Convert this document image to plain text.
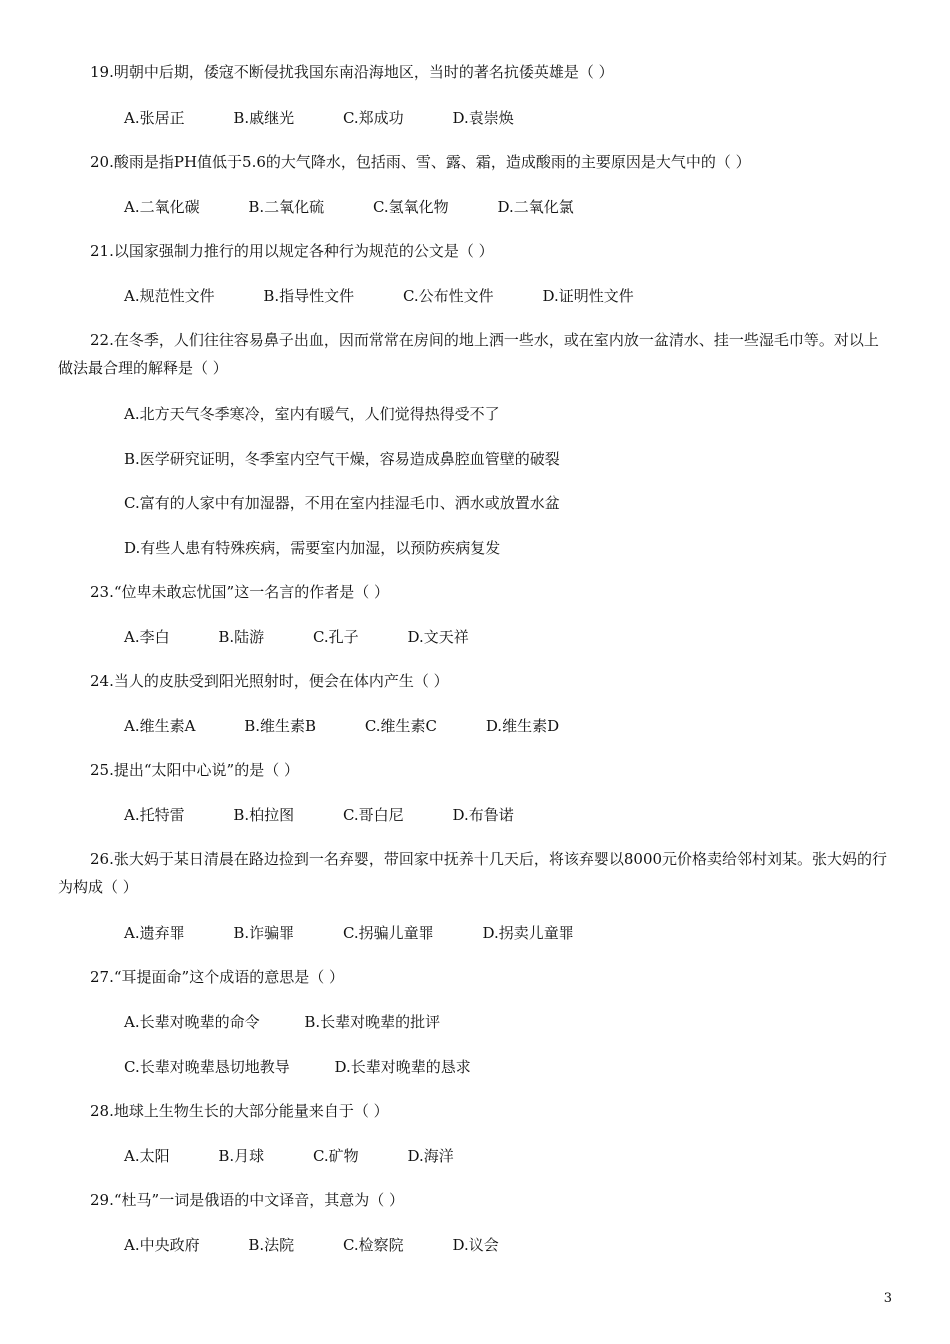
19.明朝中后期，倭寇不断侵扰我国东南沿海地区，当时的著名抗倭英雄是（ ）
A.张居正	B.戚继光	C.郑成功	D.袁崇焕
20.酸雨是指PH值低于5.6的大气降水，包括雨、雪、露、霜，造成酸雨的主要原因是大气中的（ ）
A.二氧化碳	B.二氧化硫	C.氢氧化物	D.二氧化氯
21.以国家强制力推行的用以规定各种行为规范的公文是（ ）
A.规范性文件	B.指导性文件	C.公布性文件	D.证明性文件
22.在冬季，人们往往容易鼻子出血，因而常常在房间的地上洒一些水，或在室内放一盆清水、挂一些湿毛巾等。对以上做法最合理的解释是（ ）
A.北方天气冬季寒冷，室内有暖气，人们觉得热得受不了
B.医学研究证明，冬季室内空气干燥，容易造成鼻腔血管壁的破裂
C.富有的人家中有加湿器，不用在室内挂湿毛巾、洒水或放置水盆
D.有些人患有特殊疾病，需要室内加湿，以预防疾病复发
23.“位卑未敢忘忧国”这一名言的作者是（ ）
A.李白	B.陆游	C.孔子	D.文天祥
24.当人的皮肤受到阳光照射时，便会在体内产生（ ）
A.维生素A	B.维生素B	C.维生素C	D.维生素D
25.提出“太阳中心说”的是（ ）
A.托特雷	B.柏拉图	C.哥白尼	D.布鲁诺
26.张大妈于某日清晨在路边捡到一名弃婴，带回家中抚养十几天后，将该弃婴以8000元价格卖给邻村刘某。张大妈的行为构成（ ）
A.遗弃罪	B.诈骗罪	C.拐骗儿童罪	D.拐卖儿童罪
27.“耳提面命”这个成语的意思是（ ）
A.长辈对晚辈的命令	B.长辈对晚辈的批评
C.长辈对晚辈恳切地教导	D.长辈对晚辈的恳求
28.地球上生物生长的大部分能量来自于（ ）
A.太阳	B.月球	C.矿物	D.海洋
29.“杜马”一词是俄语的中文译音，其意为（ ）
A.中央政府	B.法院	C.检察院	D.议会
3
